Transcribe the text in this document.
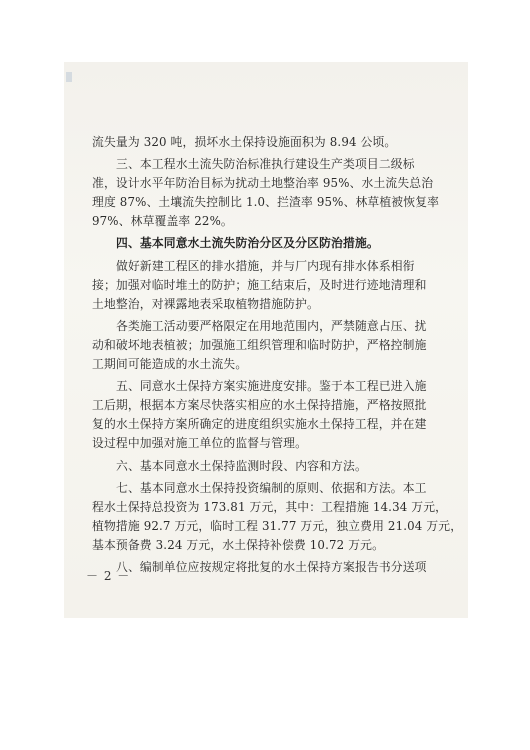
流失量为 320 吨，损坏水土保持设施面积为 8.94 公顷。
三、本工程水土流失防治标准执行建设生产类项目二级标
准，设计水平年防治目标为扰动土地整治率 95%、水土流失总治
理度 87%、土壤流失控制比 1.0、拦渣率 95%、林草植被恢复率
97%、林草覆盖率 22%。
四、基本同意水土流失防治分区及分区防治措施。
做好新建工程区的排水措施，并与厂内现有排水体系相衔
接；加强对临时堆土的防护；施工结束后，及时进行迹地清理和
土地整治，对裸露地表采取植物措施防护。
各类施工活动要严格限定在用地范围内，严禁随意占压、扰
动和破坏地表植被；加强施工组织管理和临时防护，严格控制施
工期间可能造成的水土流失。
五、同意水土保持方案实施进度安排。鉴于本工程已进入施
工后期，根据本方案尽快落实相应的水土保持措施，严格按照批
复的水土保持方案所确定的进度组织实施水土保持工程，并在建
设过程中加强对施工单位的监督与管理。
六、基本同意水土保持监测时段、内容和方法。
七、基本同意水土保持投资编制的原则、依据和方法。本工
程水土保持总投资为 173.81 万元，其中：工程措施 14.34 万元，
植物措施 92.7 万元，临时工程 31.77 万元，独立费用 21.04 万元，
基本预备费 3.24 万元，水土保持补偿费 10.72 万元。
八、编制单位应按规定将批复的水土保持方案报告书分送项
－ 2 －
